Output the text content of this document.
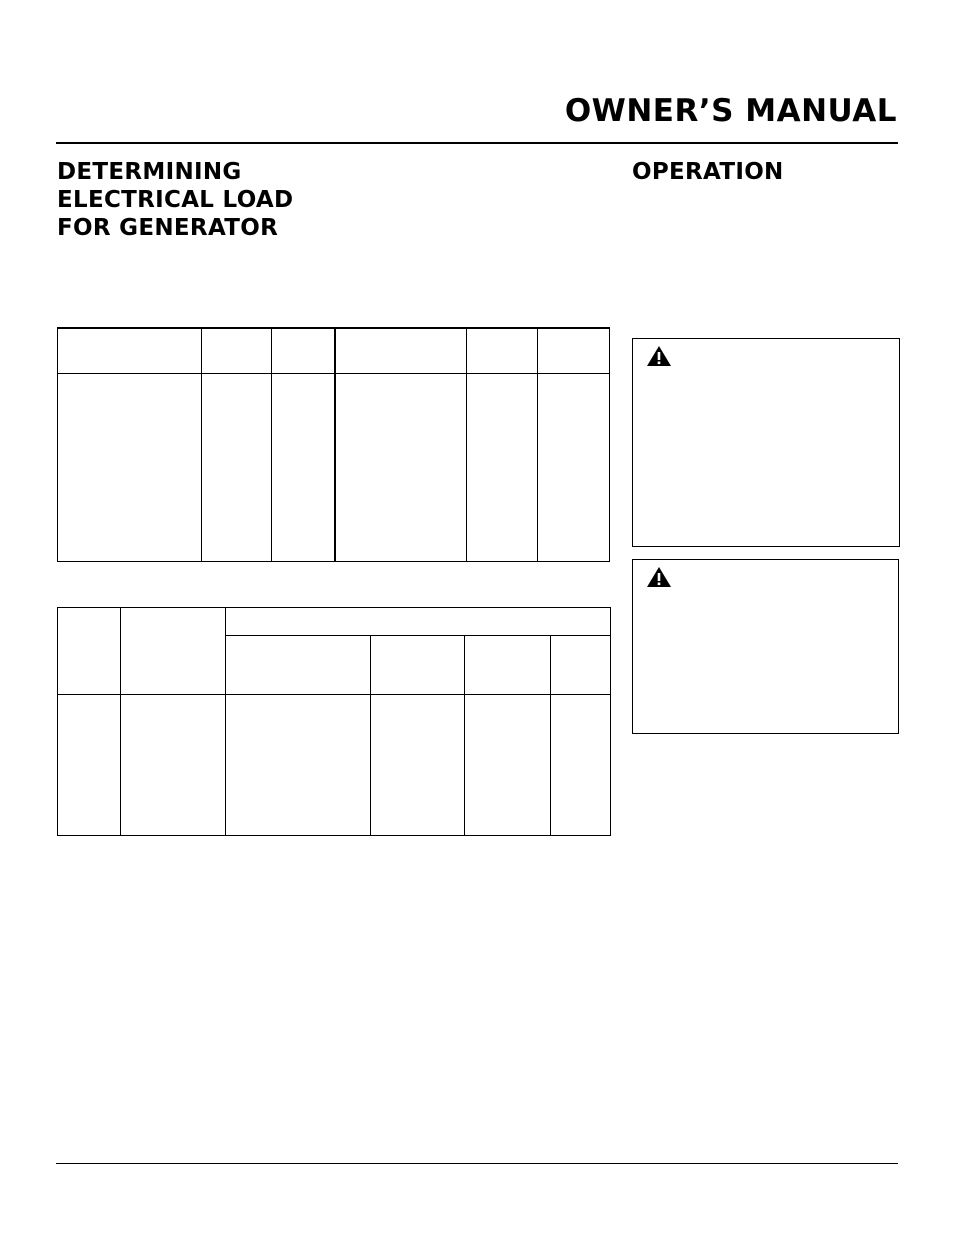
OWNER’S MANUAL
DETERMINING
ELECTRICAL LOAD
FOR GENERATOR
OPERATION
